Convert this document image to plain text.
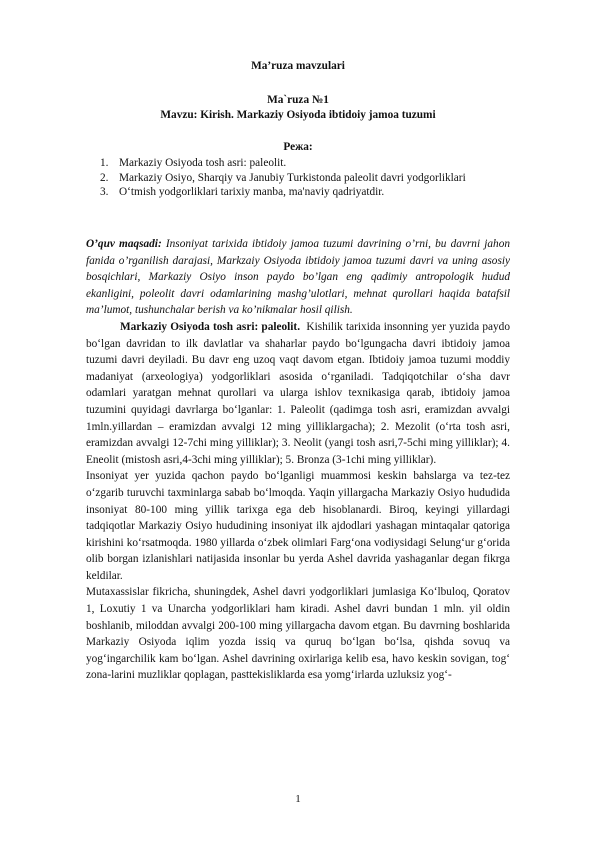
Ma’ruza mavzulari
Ma`ruza №1
Mavzu: Kirish. Markaziy Osiyoda ibtidoiy jamoa tuzumi
Режа:
1. Markaziy Osiyoda tosh asri: paleolit.
2. Markaziy Osiyo, Sharqiy va Janubiy Turkistonda paleolit davri yodgorliklari
3. O‘tmish yodgorliklari tarixiy manba, ma'naviy qadriyatdir.

O’quv maqsadi: Insoniyat tarixida ibtidoiy jamoa tuzumi davrining o’rni, bu davrni jahon fanida o’rganilish darajasi, Markzaiy Osiyoda ibtidoiy jamoa tuzumi davri va uning asosiy bosqichlari, Markaziy Osiyo inson paydo bo’lgan eng qadimiy antropologik hudud ekanligini, poleolit davri odamlarining mashg’ulotlari, mehnat qurollari haqida batafsil ma’lumot, tushunchalar berish va ko’nikmalar hosil qilish.

Markaziy Osiyoda tosh asri: paleolit. Kishilik tarixida insonning yer yuzida paydo bo‘lgan davridan to ilk davlatlar va shaharlar paydo bo‘lgungacha davri ibtidoiy jamoa tuzumi davri deyiladi. Bu davr eng uzoq vaqt davom etgan. Ibtidoiy jamoa tuzumi moddiy madaniyat (arxeologiya) yodgorliklari asosida o‘rganiladi. Tadqiqotchilar o‘sha davr odamlari yaratgan mehnat qurollari va ularga ishlov texnikasiga qarab, ibtidoiy jamoa tuzumini quyidagi davrlarga bo‘lganlar: 1. Paleolit (qadimga tosh asri, eramizdan avvalgi 1mln.yillardan – eramizdan avvalgi 12 ming yilliklargacha); 2. Mezolit (o‘rta tosh asri, eramizdan avvalgi 12-7chi ming yilliklar); 3. Neolit (yangi tosh asri,7-5chi ming yilliklar); 4. Eneolit (mistosh asri,4-3chi ming yilliklar); 5. Bronza (3-1chi ming yilliklar).

Insoniyat yer yuzida qachon paydo bo‘lganligi muammosi keskin bahslarga va tez-tez o‘zgarib turuvchi taxminlarga sabab bo‘lmoqda. Yaqin yillargacha Markaziy Osiyo hududida insoniyat 80-100 ming yillik tarixga ega deb hisoblanardi. Biroq, keyingi yillardagi tadqiqotlar Markaziy Osiyo hududining insoniyat ilk ajdodlari yashagan mintaqalar qatoriga kirishini ko‘rsatmoqda. 1980 yillarda o‘zbek olimlari Farg‘ona vodiysidagi Selung‘ur g‘orida olib borgan izlanishlari natijasida insonlar bu yerda Ashel davrida yashaganlar degan fikrga keldilar.

Mutaxassislar fikricha, shuningdek, Ashel davri yodgorliklari jumlasiga Ko‘lbuloq, Qoratov 1, Loxutiy 1 va Unarcha yodgorliklari ham kiradi. Ashel davri bundan 1 mln. yil oldin boshlanib, miloddan avvalgi 200-100 ming yillargacha davom etgan. Bu davrning boshlarida Markaziy Osiyoda iqlim yozda issiq va quruq bo‘lgan bo‘lsa, qishda sovuq va yog‘ingarchilik kam bo‘lgan. Ashel davrining oxirlariga kelib esa, havo keskin sovigan, tog‘ zona-larini muzliklar qoplagan, pasttekisliklarda esa yomg‘irlarda uzluksiz yog‘-

1
